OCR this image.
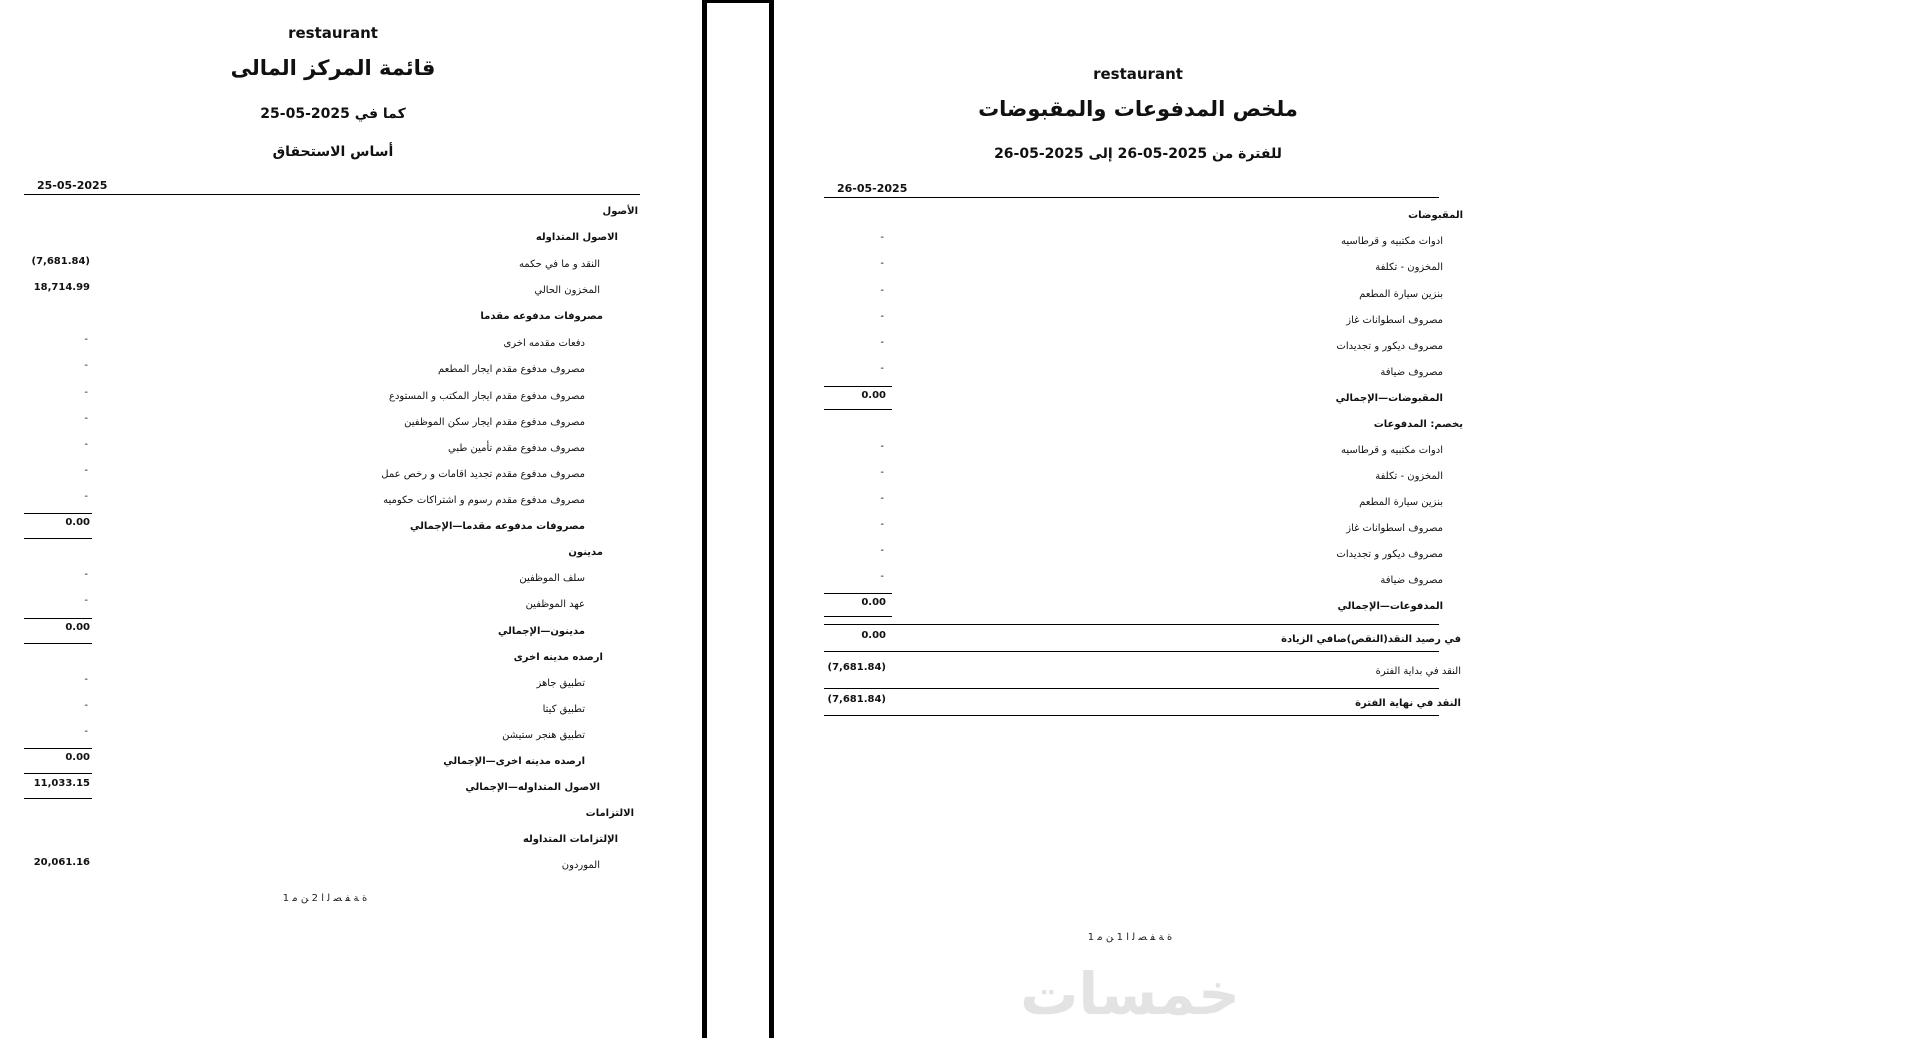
restaurant
قائمة المركز المالى
كما في 2025-05-25
أساس الاستحقاق
25-05-2025
الأصول
الاصول المتداوله
النقد و ما في حكمه
(7,681.84)
المخزون الحالي
18,714.99
مصروفات مدفوعه مقدما
دفعات مقدمه اخرى
-
مصروف مدفوع مقدم ايجار المطعم
-
مصروف مدفوع مقدم ايجار المكتب و المستودع
-
مصروف مدفوع مقدم ايجار سكن الموظفين
-
مصروف مدفوع مقدم تأمين طبي
-
مصروف مدفوع مقدم تجديد اقامات و رخص عمل
-
مصروف مدفوع مقدم رسوم و اشتراكات حكوميه
-
مصروفات مدفوعه مقدما—الإجمالي
0.00
مدينون
سلف الموظفين
-
عهد الموظفين
-
مدينون—الإجمالي
0.00
ارصده مدينه اخرى
تطبيق جاهز
-
تطبيق كيتا
-
تطبيق هنجر ستيشن
-
ارصده مدينه اخرى—الإجمالي
0.00
الاصول المتداوله—الإجمالي
11,033.15
الالتزامات
الإلتزامات المتداوله
الموردون
20,061.16
ﺓ ﺔ ﻔ ﺼ ﻟ ﺍ 2 ﻦ ﻣ 1
restaurant
ملخص المدفوعات والمقبوضات
للفترة من 2025-05-26 إلى 2025-05-26
26-05-2025
المقبوضات
ادوات مكتبيه و قرطاسيه
-
المخزون - تكلفة
-
بنزين سيارة المطعم
-
مصروف اسطوانات غاز
-
مصروف ديكور و تجديدات
-
مصروف ضيافة
-
المقبوضات—الإجمالي
0.00
يخصم: المدفوعات
ادوات مكتبيه و قرطاسيه
-
المخزون - تكلفة
-
بنزين سيارة المطعم
-
مصروف اسطوانات غاز
-
مصروف ديكور و تجديدات
-
مصروف ضيافة
-
المدفوعات—الإجمالي
0.00
في رصيد النقد(النقص)صافي الزيادة
0.00
النقد في بداية الفترة
(7,681.84)
النقد في نهاية الفترة
(7,681.84)
ﺓ ﺔ ﻔ ﺼ ﻟ ﺍ 1 ﻦ ﻣ 1
خمسات
